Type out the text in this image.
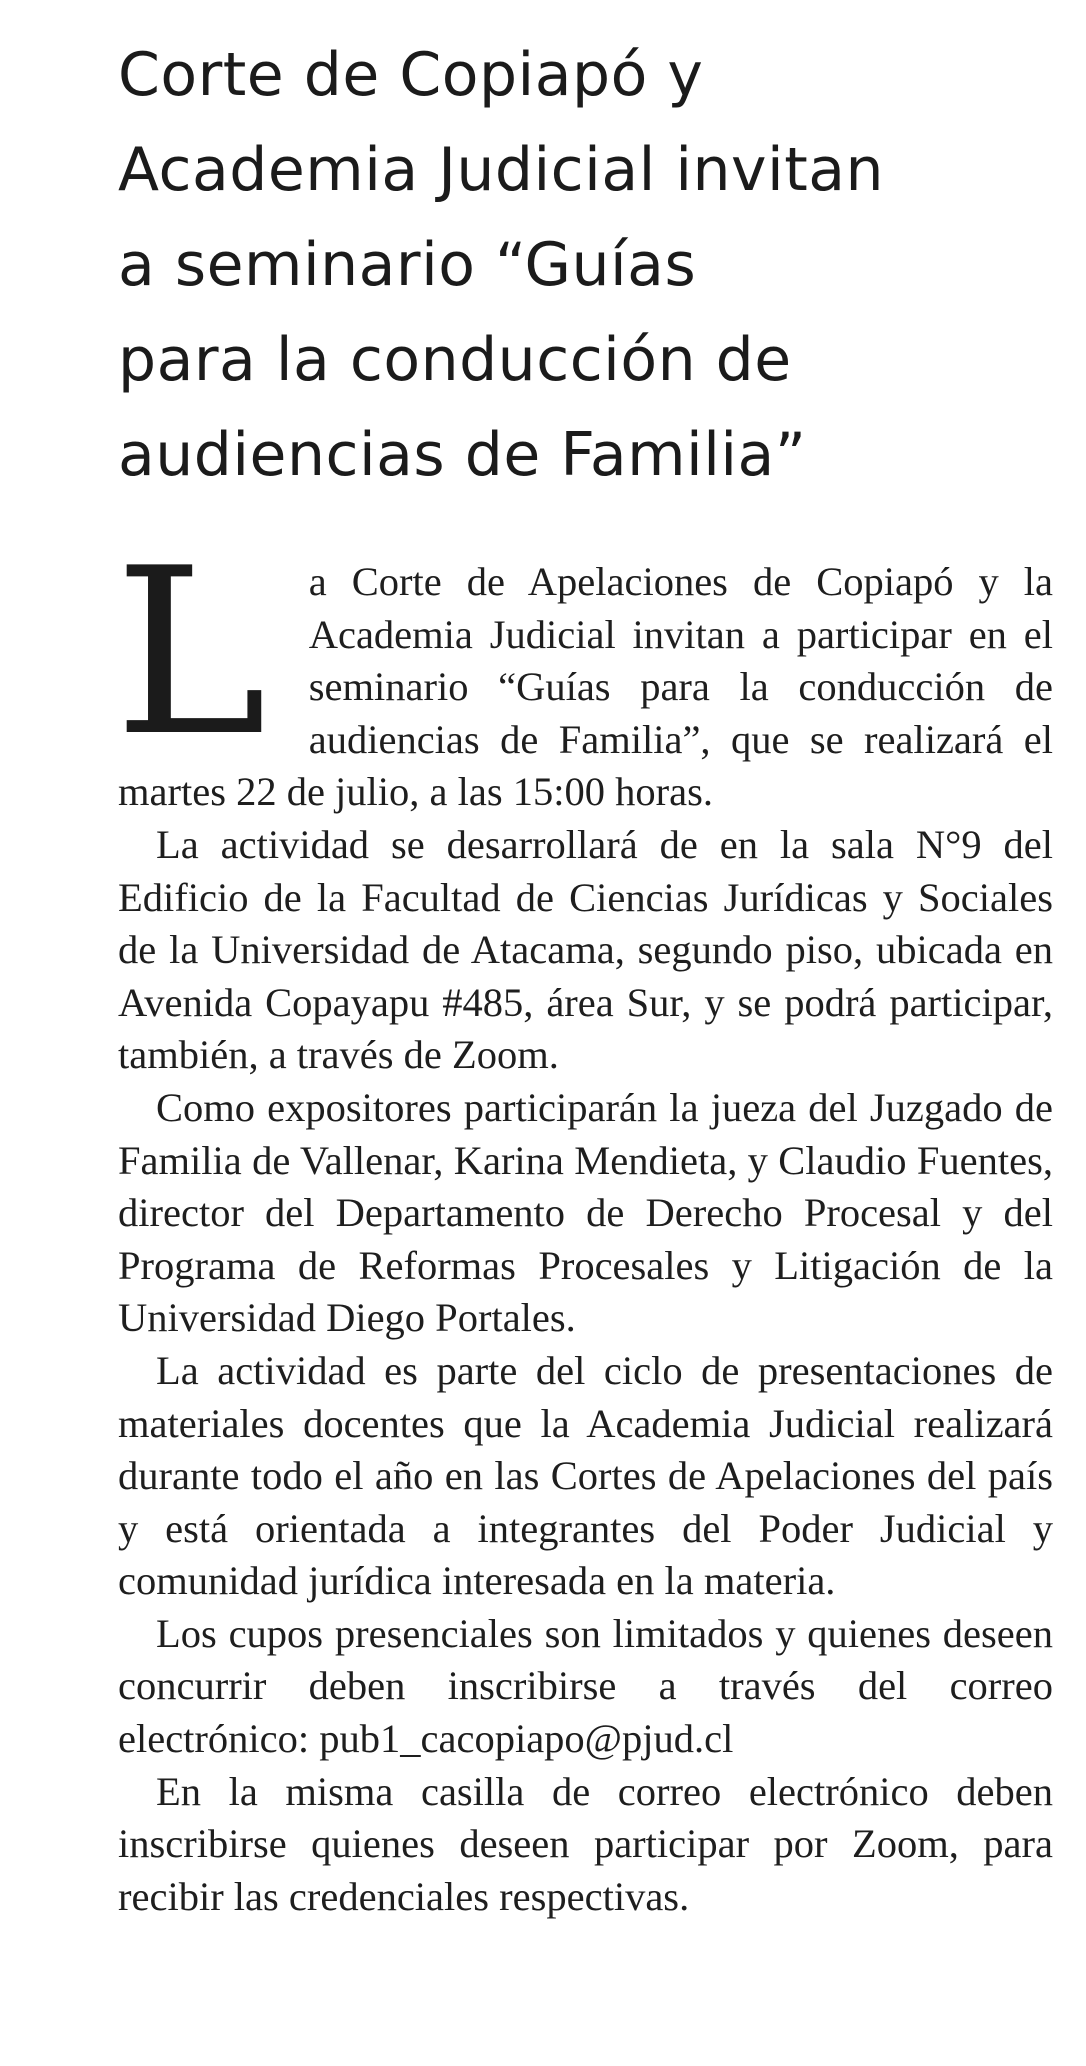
Corte de Copiapó y
Academia Judicial invitan
a seminario “Guías
para la conducción de
audiencias de Familia”

L a Corte de Apelaciones de Copiapó y la Academia Judicial invitan a participar en el seminario “Guías para la conducción de audiencias de Familia”, que se realizará el martes 22 de julio, a las 15:00 horas.

La actividad se desarrollará de en la sala N°9 del Edificio de la Facultad de Ciencias Jurídicas y Sociales de la Universidad de Atacama, segundo piso, ubicada en Avenida Copayapu #485, área Sur, y se podrá participar, también, a través de Zoom.

Como expositores participarán la jueza del Juzgado de Familia de Vallenar, Karina Mendieta, y Claudio Fuentes, director del Departamento de Derecho Procesal y del Programa de Reformas Procesales y Litigación de la Universidad Diego Portales.

La actividad es parte del ciclo de presentaciones de materiales docentes que la Academia Judicial realizará durante todo el año en las Cortes de Apelaciones del país y está orientada a integrantes del Poder Judicial y comunidad jurídica interesada en la materia.

Los cupos presenciales son limitados y quienes deseen concurrir deben inscribirse a través del correo electrónico: pub1_cacopiapo@pjud.cl

En la misma casilla de correo electrónico deben inscribirse quienes deseen participar por Zoom, para recibir las credenciales respectivas.
